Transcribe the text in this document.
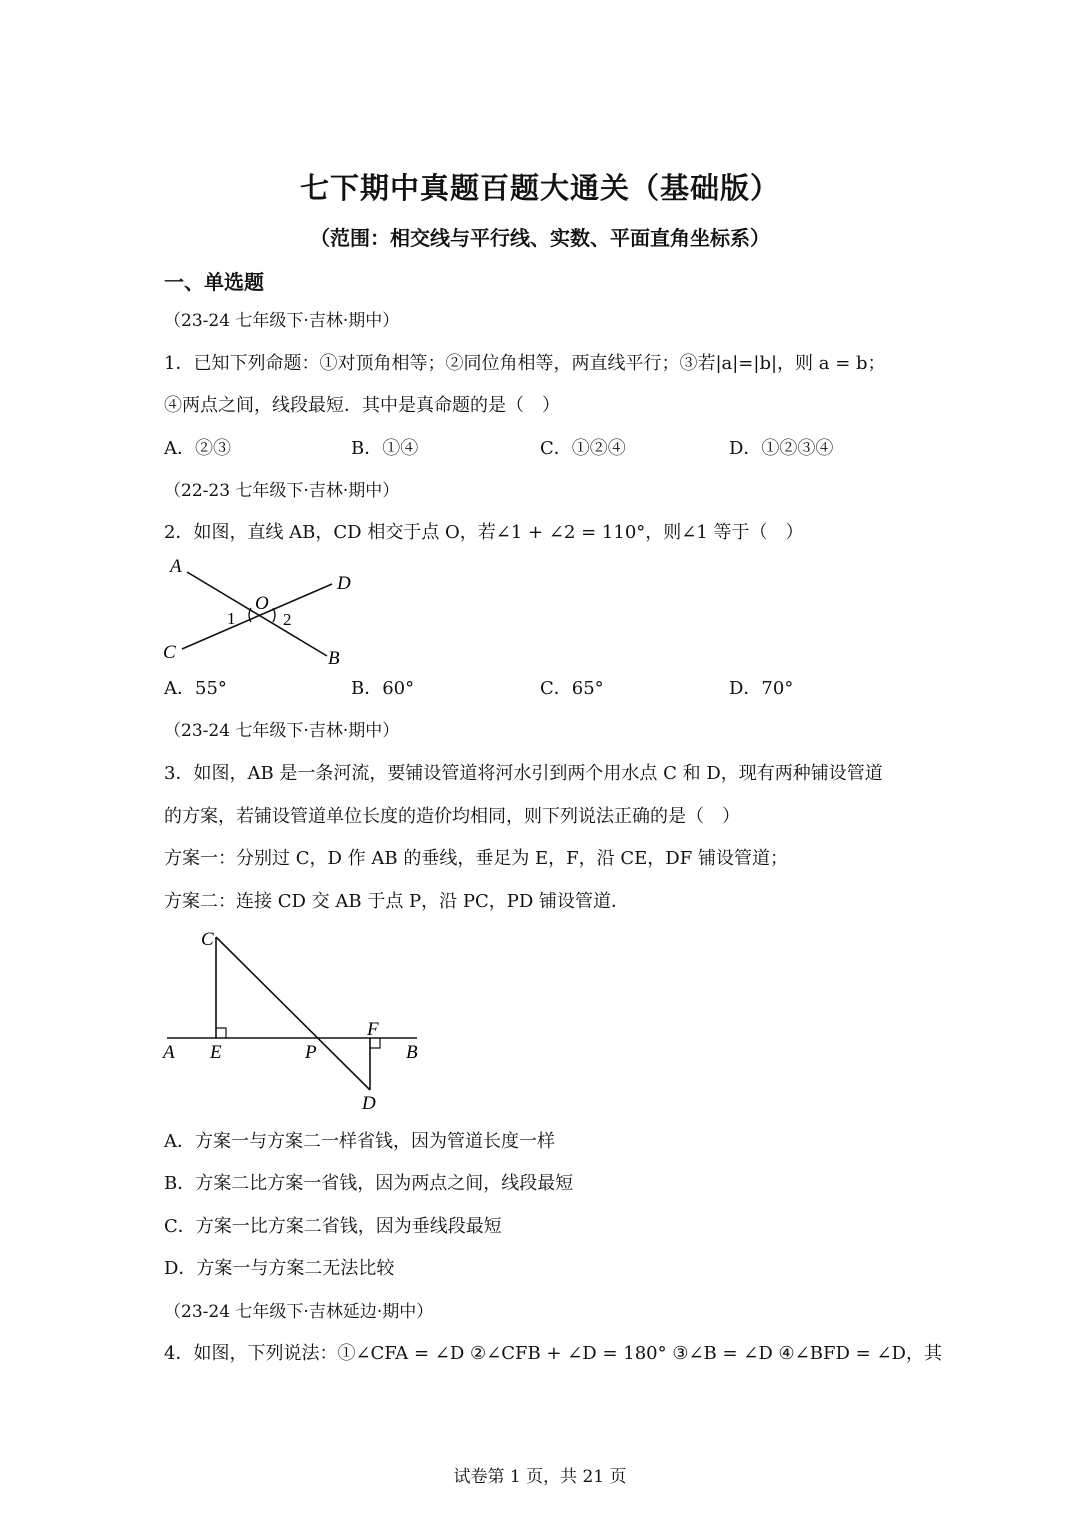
七下期中真题百题大通关（基础版）
（范围：相交线与平行线、实数、平面直角坐标系）
一、单选题
（23-24 七年级下·吉林·期中）
1．已知下列命题：①对顶角相等；②同位角相等，两直线平行；③若|a|=|b|，则 a = b；
④两点之间，线段最短．其中是真命题的是（　）
A．②③	B．①④	C．①②④	D．①②③④
（22-23 七年级下·吉林·期中）
2．如图，直线 AB，CD 相交于点 O，若∠1 + ∠2 = 110°，则∠1 等于（　）
A
D
O
1	2
C	B
A．55°	B．60°	C．65°	D．70°
（23-24 七年级下·吉林·期中）
3．如图，AB 是一条河流，要铺设管道将河水引到两个用水点 C 和 D，现有两种铺设管道
的方案，若铺设管道单位长度的造价均相同，则下列说法正确的是（　）
方案一：分别过 C，D 作 AB 的垂线，垂足为 E，F，沿 CE，DF 铺设管道；
方案二：连接 CD 交 AB 于点 P，沿 PC，PD 铺设管道．
C
A E	P
F
B
D
A．方案一与方案二一样省钱，因为管道长度一样
B．方案二比方案一省钱，因为两点之间，线段最短
C．方案一比方案二省钱，因为垂线段最短
D．方案一与方案二无法比较
（23-24 七年级下·吉林延边·期中）
4．如图，下列说法：①∠CFA = ∠D ②∠CFB + ∠D = 180° ③∠B = ∠D ④∠BFD = ∠D，其
试卷第 1 页，共 21 页
